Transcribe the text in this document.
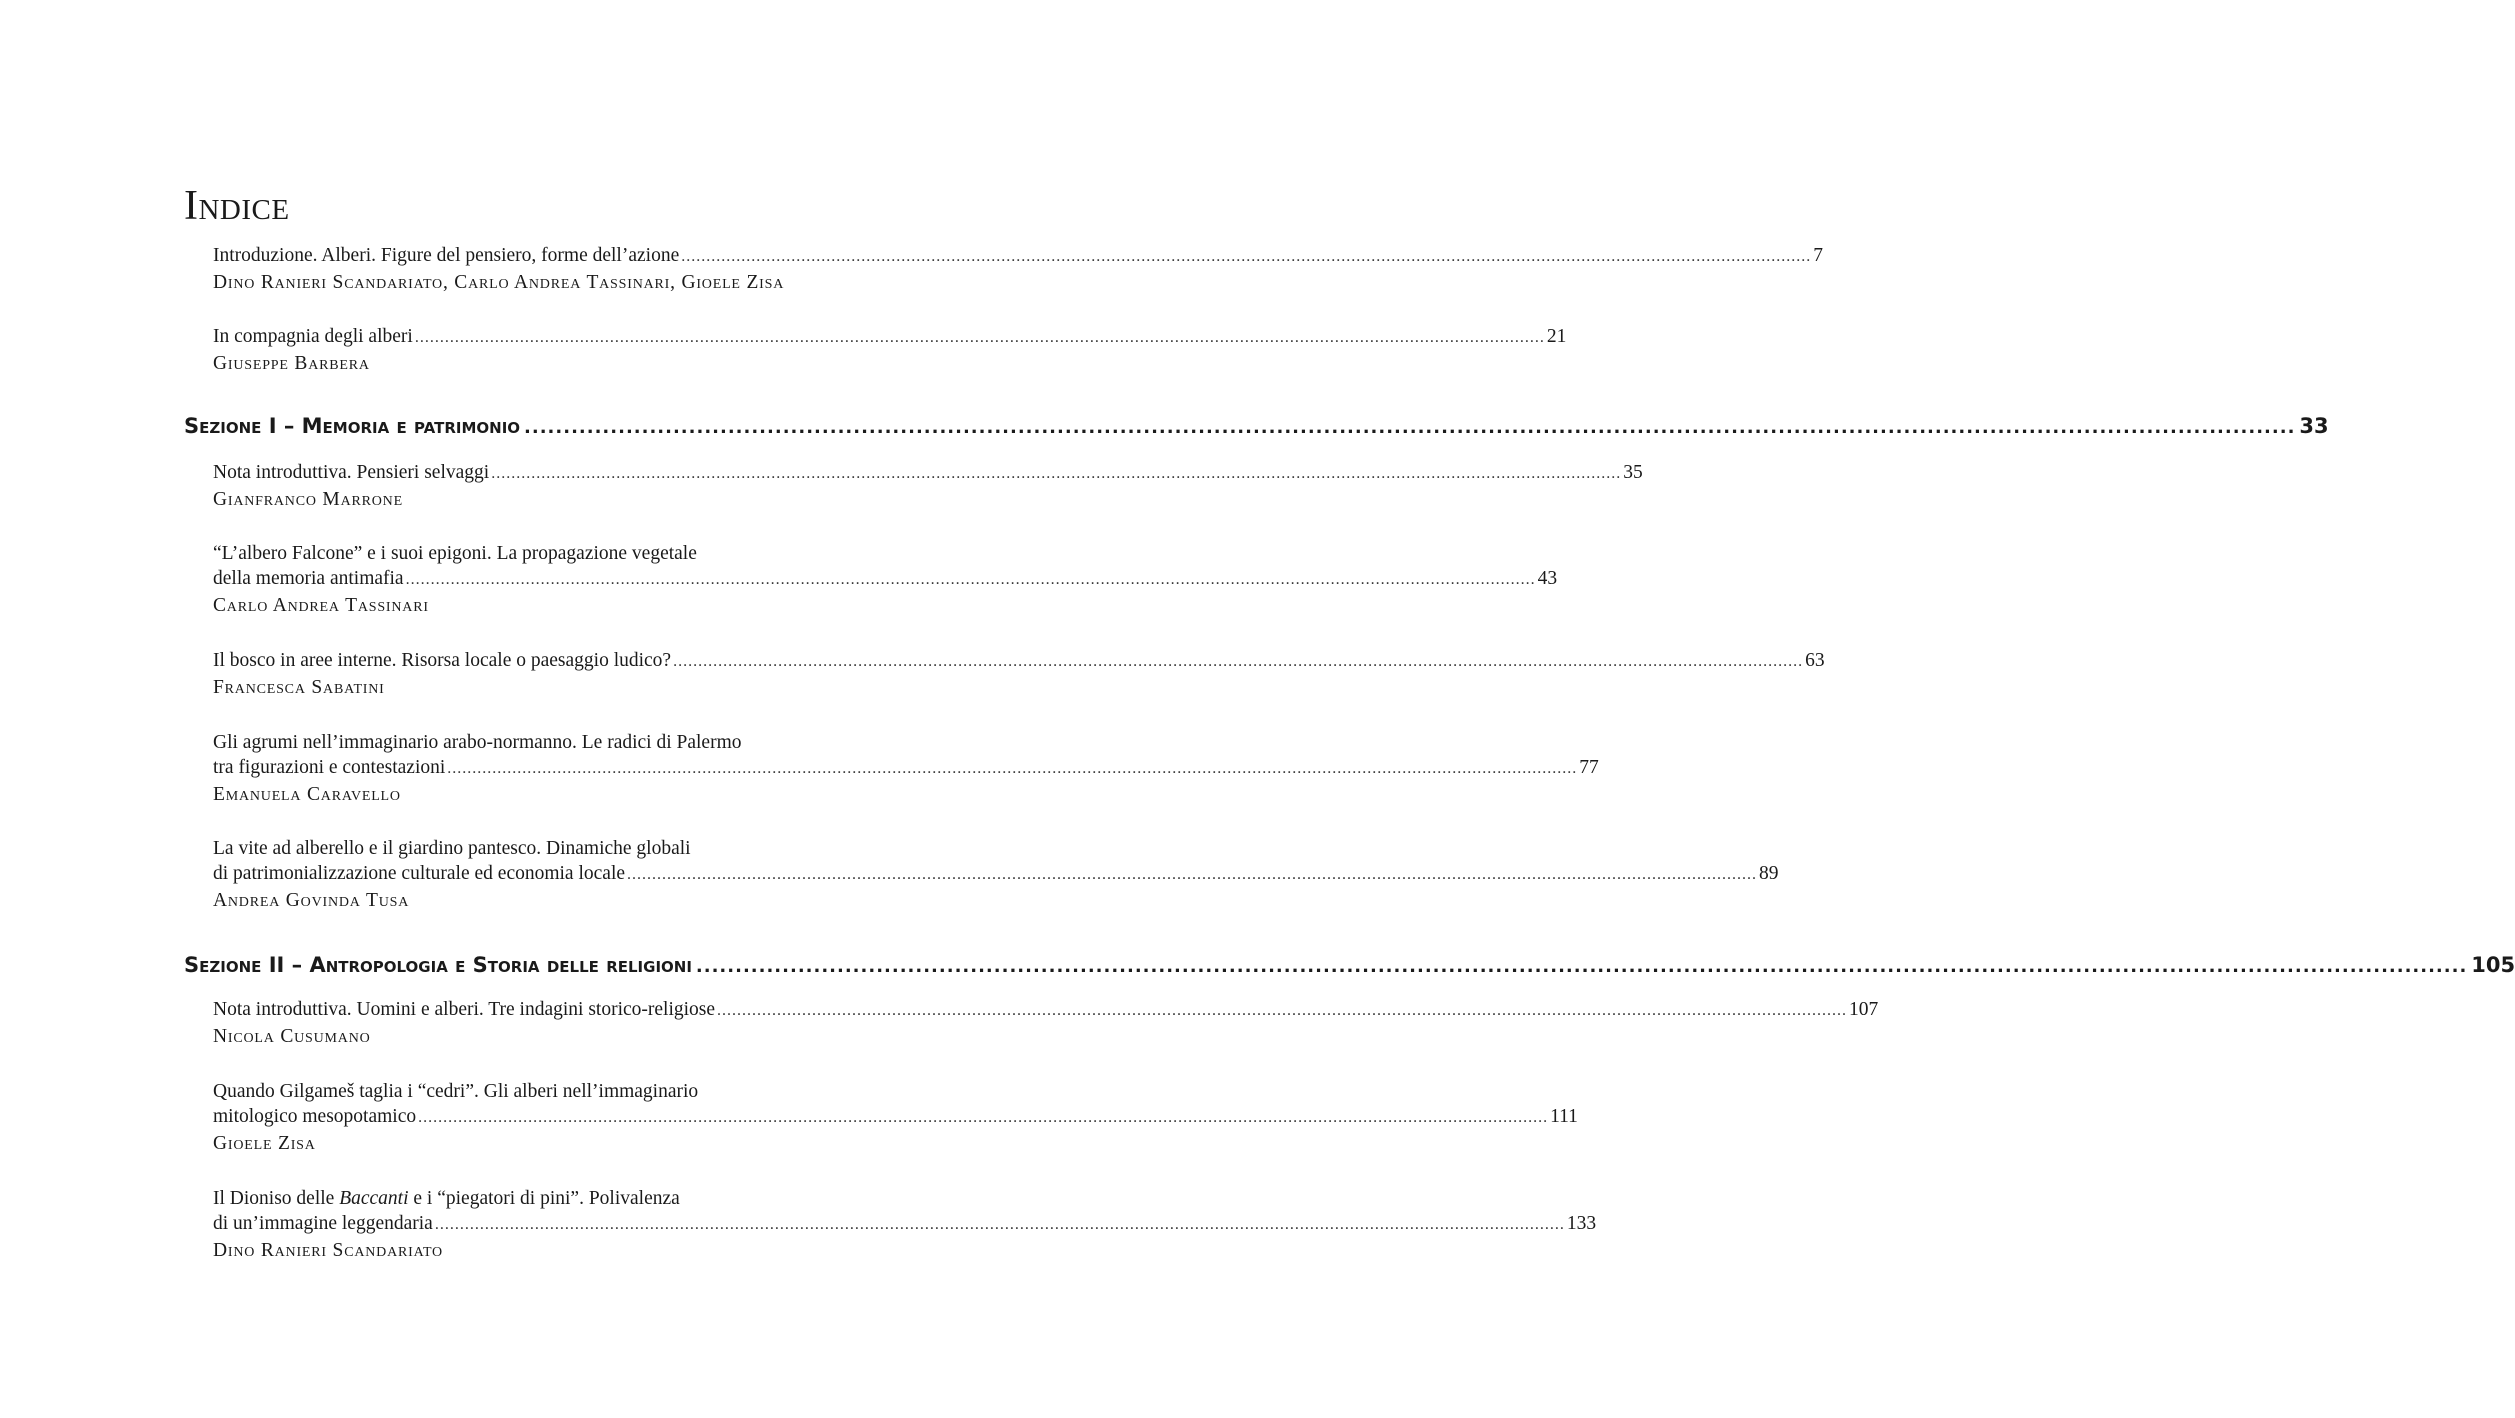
Indice
Introduzione. Alberi. Figure del pensiero, forme dell’azione .................................................................................................................................................................................................................................. 7
Dino Ranieri Scandariato, Carlo Andrea Tassinari, Gioele Zisa
In compagnia degli alberi .................................................................................................................................................................................................................................. 21
Giuseppe Barbera
Sezione I – Memoria e patrimonio .................................................................................................................................................................................................................................. 33
Nota introduttiva. Pensieri selvaggi .................................................................................................................................................................................................................................. 35
Gianfranco Marrone
“L’albero Falcone” e i suoi epigoni. La propagazione vegetale
della memoria antimafia .................................................................................................................................................................................................................................. 43
Carlo Andrea Tassinari
Il bosco in aree interne. Risorsa locale o paesaggio ludico? .................................................................................................................................................................................................................................. 63
Francesca Sabatini
Gli agrumi nell’immaginario arabo-normanno. Le radici di Palermo
tra figurazioni e contestazioni .................................................................................................................................................................................................................................. 77
Emanuela Caravello
La vite ad alberello e il giardino pantesco. Dinamiche globali
di patrimonializzazione culturale ed economia locale .................................................................................................................................................................................................................................. 89
Andrea Govinda Tusa
Sezione II – Antropologia e Storia delle religioni .................................................................................................................................................................................................................................. 105
Nota introduttiva. Uomini e alberi. Tre indagini storico-religiose .................................................................................................................................................................................................................................. 107
Nicola Cusumano
Quando Gilgameš taglia i “cedri”. Gli alberi nell’immaginario
mitologico mesopotamico .................................................................................................................................................................................................................................. 111
Gioele Zisa
Il Dioniso delle Baccanti e i “piegatori di pini”. Polivalenza
di un’immagine leggendaria .................................................................................................................................................................................................................................. 133
Dino Ranieri Scandariato
